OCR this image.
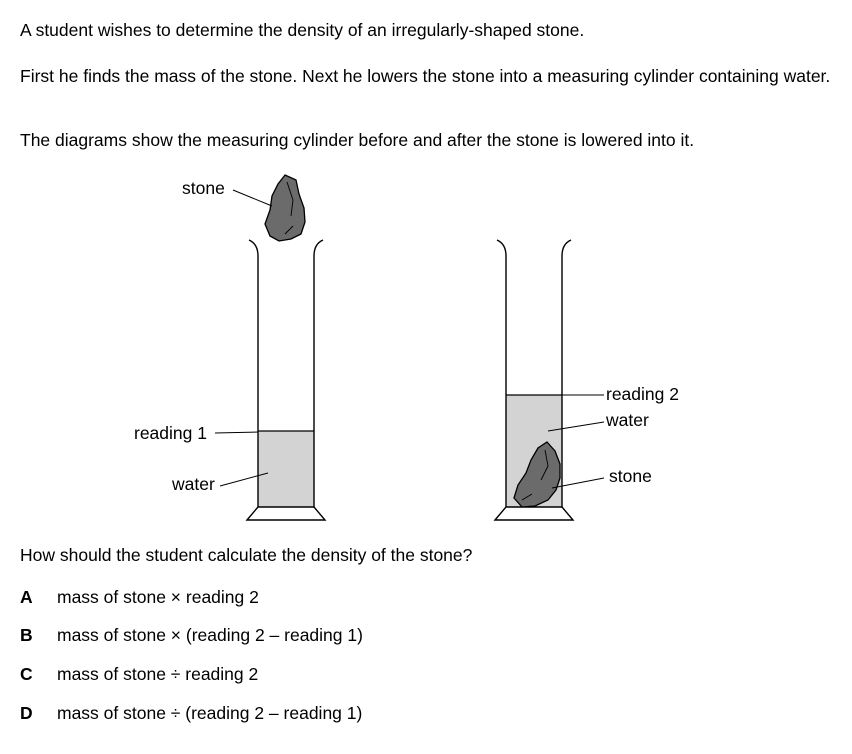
A student wishes to determine the density of an irregularly-shaped stone.

First he finds the mass of the stone. Next he lowers the stone into a measuring cylinder containing water.

The diagrams show the measuring cylinder before and after the stone is lowered into it.

stone
reading 1
water
reading 2
water
stone

How should the student calculate the density of the stone?

A mass of stone × reading 2
B mass of stone × (reading 2 – reading 1)
C mass of stone ÷ reading 2
D mass of stone ÷ (reading 2 – reading 1)
